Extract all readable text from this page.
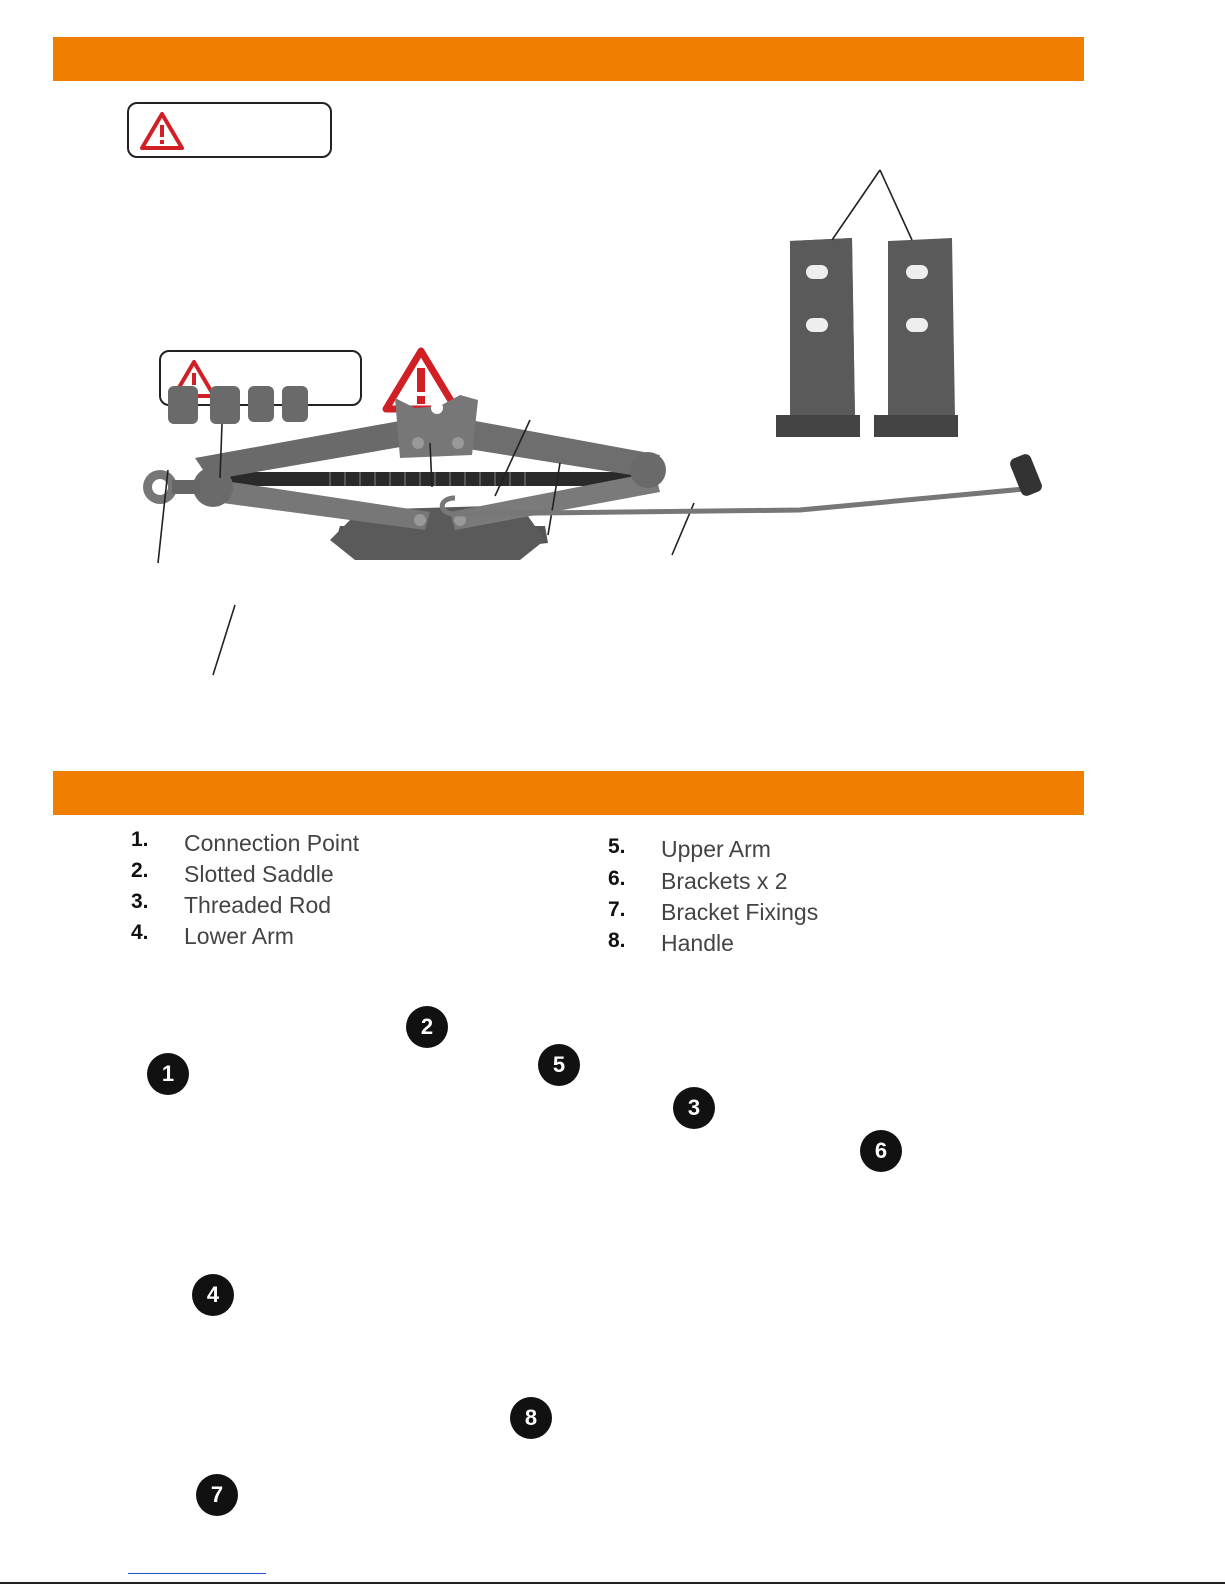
1. Connection Point
2. Slotted Saddle
3. Threaded Rod
4. Lower Arm
5. Upper Arm
6. Brackets x 2
7. Bracket Fixings
8. Handle
1
2
3
4
5
6
7
8
